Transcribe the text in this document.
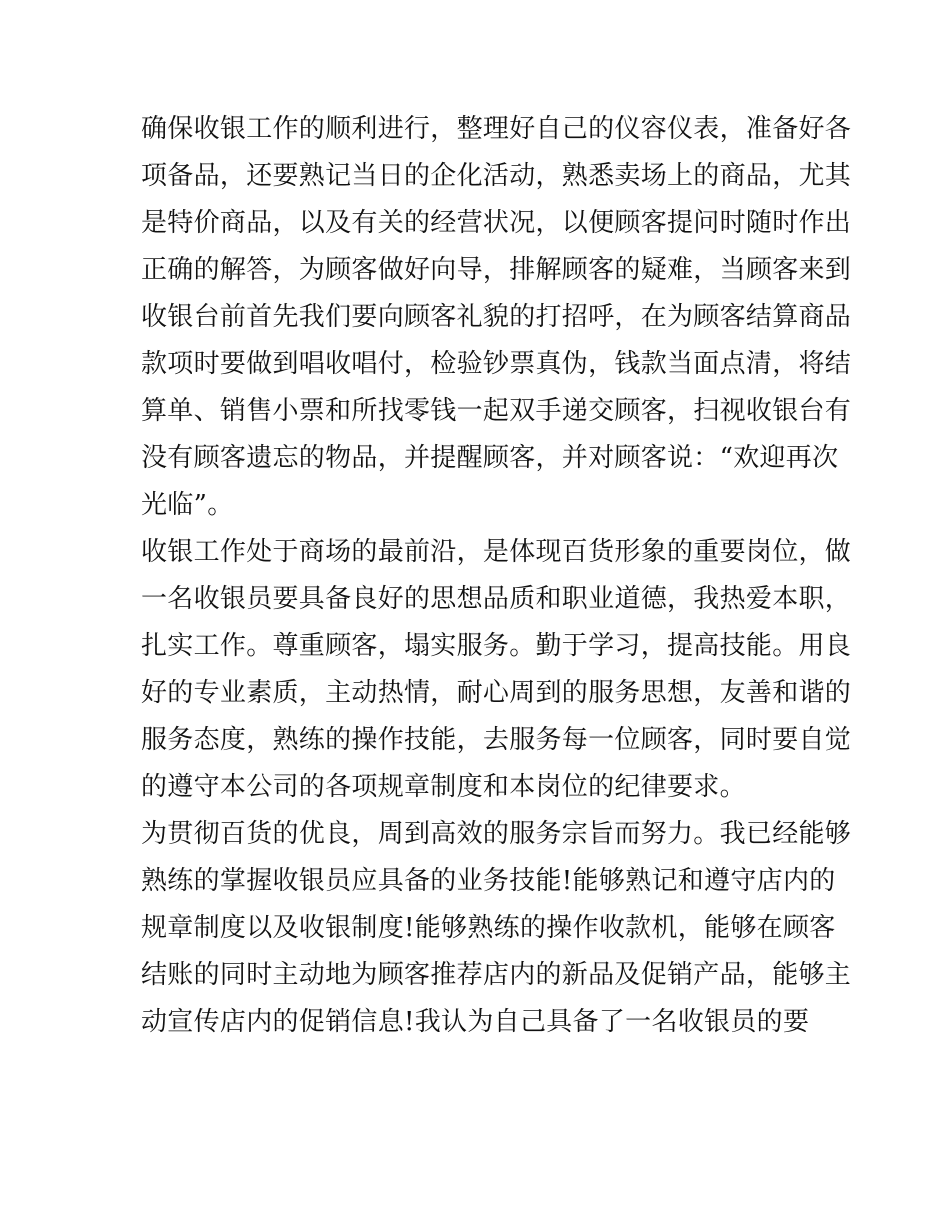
确保收银工作的顺利进行，整理好自己的仪容仪表，准备好各
项备品，还要熟记当日的企化活动，熟悉卖场上的商品，尤其
是特价商品，以及有关的经营状况，以便顾客提问时随时作出
正确的解答，为顾客做好向导，排解顾客的疑难，当顾客来到
收银台前首先我们要向顾客礼貌的打招呼，在为顾客结算商品
款项时要做到唱收唱付，检验钞票真伪，钱款当面点清，将结
算单、销售小票和所找零钱一起双手递交顾客，扫视收银台有
没有顾客遗忘的物品，并提醒顾客，并对顾客说：“欢迎再次
光临”。
收银工作处于商场的最前沿，是体现百货形象的重要岗位，做
一名收银员要具备良好的思想品质和职业道德，我热爱本职，
扎实工作。尊重顾客，塌实服务。勤于学习，提高技能。用良
好的专业素质，主动热情，耐心周到的服务思想，友善和谐的
服务态度，熟练的操作技能，去服务每一位顾客，同时要自觉
的遵守本公司的各项规章制度和本岗位的纪律要求。
为贯彻百货的优良，周到高效的服务宗旨而努力。我已经能够
熟练的掌握收银员应具备的业务技能!能够熟记和遵守店内的
规章制度以及收银制度!能够熟练的操作收款机，能够在顾客
结账的同时主动地为顾客推荐店内的新品及促销产品，能够主
动宣传店内的促销信息!我认为自己具备了一名收银员的要
